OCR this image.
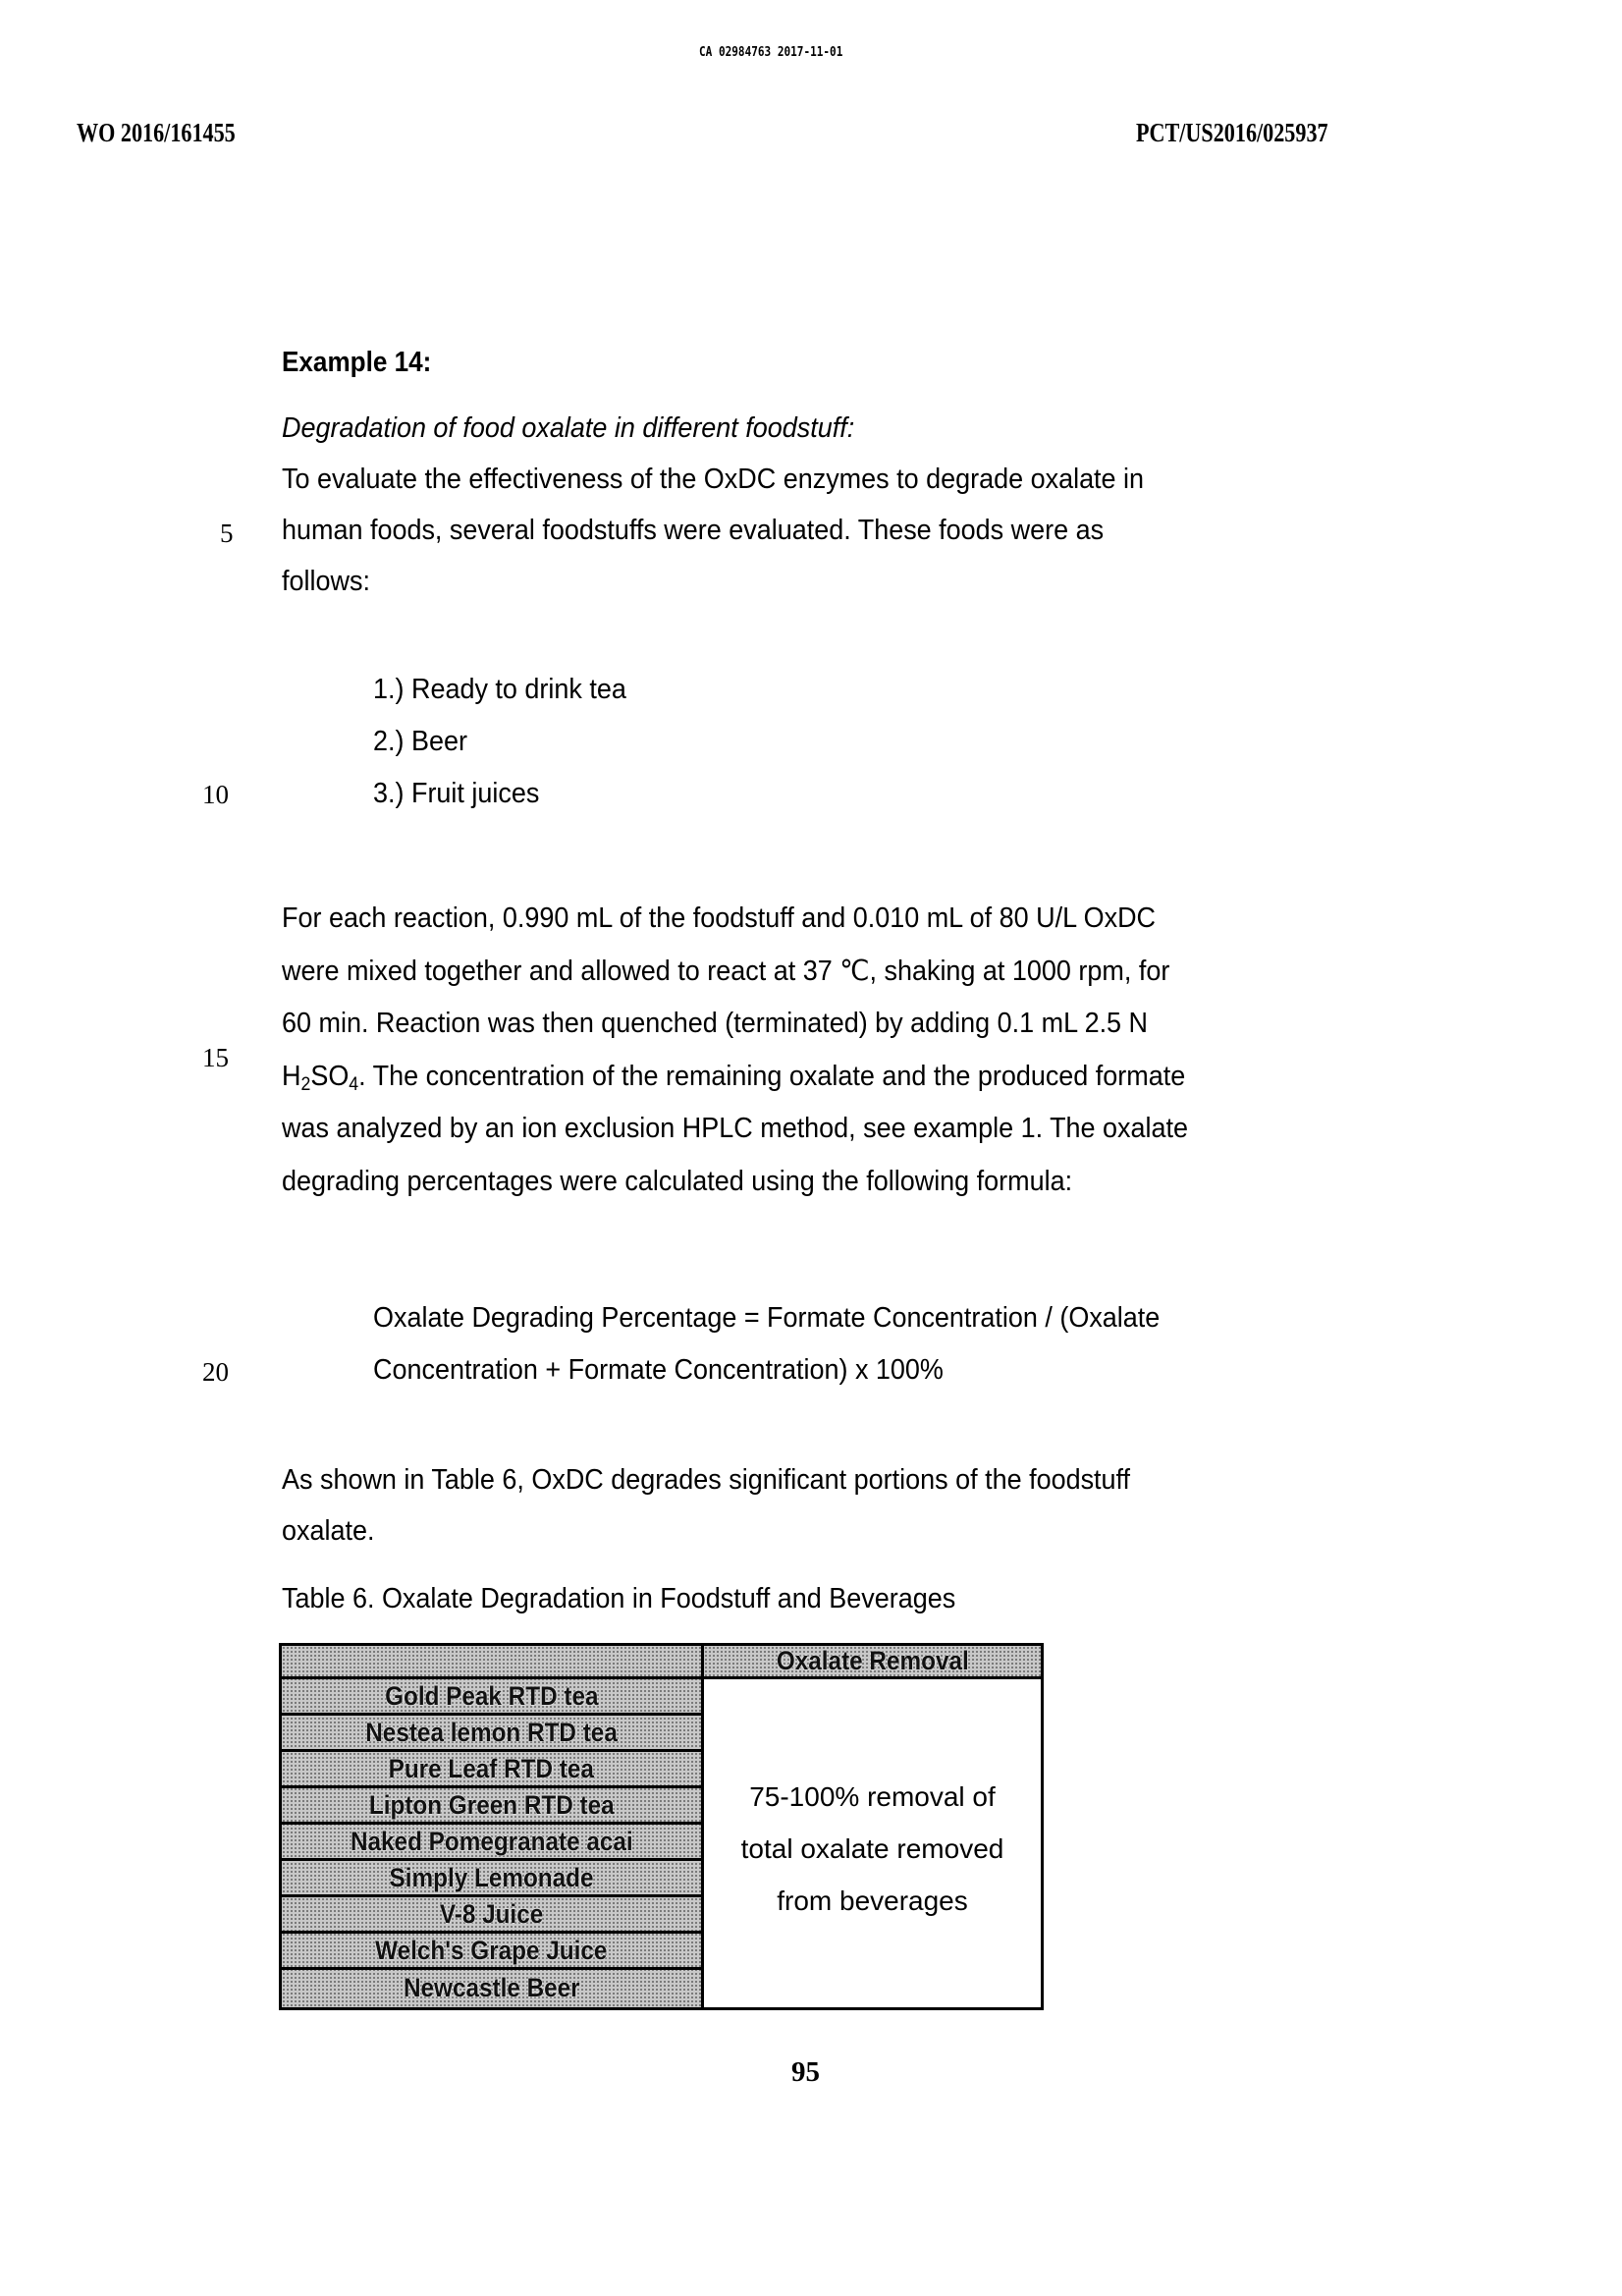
CA 02984763 2017-11-01
WO 2016/161455	PCT/US2016/025937
5
10
15
20
Example 14:
Degradation of food oxalate in different foodstuff:
To evaluate the effectiveness of the OxDC enzymes to degrade oxalate in
human foods, several foodstuffs were evaluated. These foods were as
follows:
1.) Ready to drink tea
2.) Beer
3.) Fruit juices
For each reaction, 0.990 mL of the foodstuff and 0.010 mL of 80 U/L OxDC
were mixed together and allowed to react at 37 ℃, shaking at 1000 rpm, for
60 min. Reaction was then quenched (terminated) by adding 0.1 mL 2.5 N
$H_2SO_4$. The concentration of the remaining oxalate and the produced formate
was analyzed by an ion exclusion HPLC method, see example 1. The oxalate
degrading percentages were calculated using the following formula:
Oxalate Degrading Percentage = Formate Concentration / (Oxalate
Concentration + Formate Concentration) x 100%
As shown in Table 6, OxDC degrades significant portions of the foodstuff
oxalate.
Table 6. Oxalate Degradation in Foodstuff and Beverages
Gold Peak RTD tea
Nestea lemon RTD tea
Pure Leaf RTD tea
Lipton Green RTD tea
Naked Pomegranate acai
Simply Lemonade
V-8 Juice
Welch's Grape Juice
Newcastle Beer
Oxalate Removal
75-100% removal of
total oxalate removed
from beverages
95
